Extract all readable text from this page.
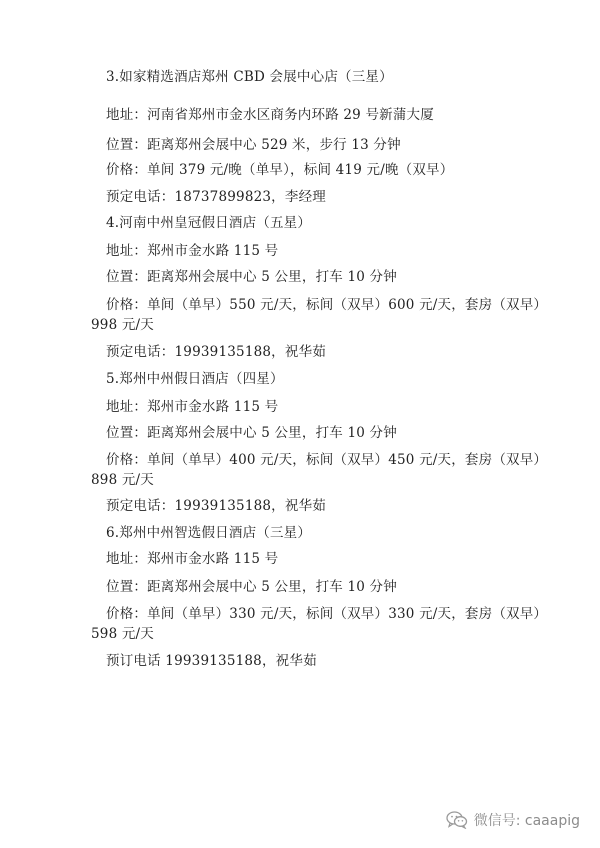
3.如家精选酒店郑州 CBD 会展中心店（三星）
地址：河南省郑州市金水区商务内环路 29 号新蒲大厦
位置：距离郑州会展中心 529 米，步行 13 分钟
价格：单间 379 元/晚（单早），标间 419 元/晚（双早）
预定电话：18737899823，李经理
4.河南中州皇冠假日酒店（五星）
地址：郑州市金水路 115 号
位置：距离郑州会展中心 5 公里，打车 10 分钟
价格：单间（单早）550 元/天，标间（双早）600 元/天，套房（双早）
998 元/天
预定电话：19939135188，祝华茹
5.郑州中州假日酒店（四星）
地址：郑州市金水路 115 号
位置：距离郑州会展中心 5 公里，打车 10 分钟
价格：单间（单早）400 元/天，标间（双早）450 元/天，套房（双早）
898 元/天
预定电话：19939135188，祝华茹
6.郑州中州智选假日酒店（三星）
地址：郑州市金水路 115 号
位置：距离郑州会展中心 5 公里，打车 10 分钟
价格：单间（单早）330 元/天，标间（双早）330 元/天，套房（双早）
598 元/天
预订电话 19939135188，祝华茹
微信号: caaapig
